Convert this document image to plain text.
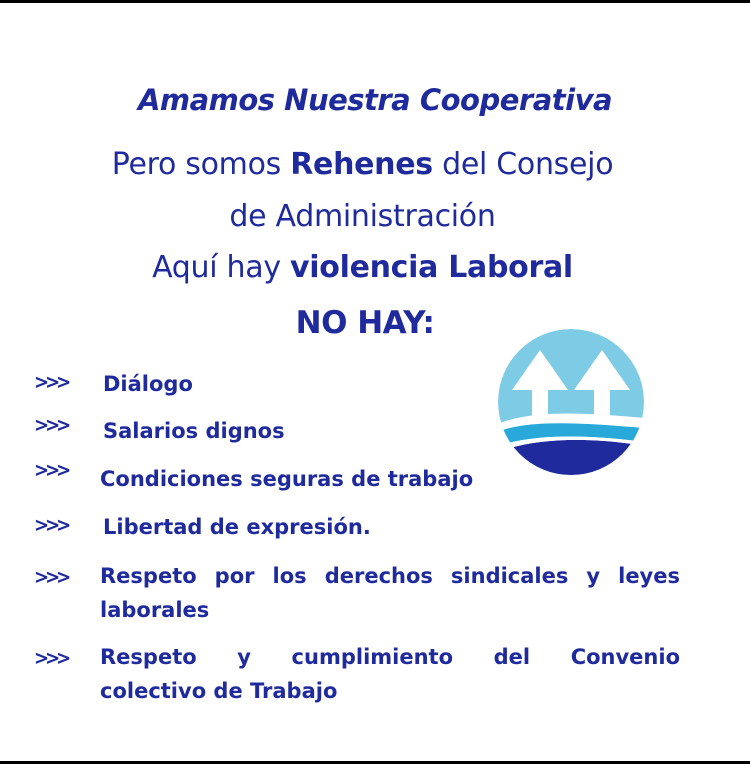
Amamos Nuestra Cooperativa
Pero somos Rehenes del Consejo
de Administración
Aquí hay violencia Laboral
NO HAY:
>>> Diálogo
>>> Salarios dignos
>>> Condiciones seguras de trabajo
>>> Libertad de expresión.
>>> Respeto por los derechos sindicales y leyes
laborales
>>> Respeto y cumplimiento del Convenio
colectivo de Trabajo
